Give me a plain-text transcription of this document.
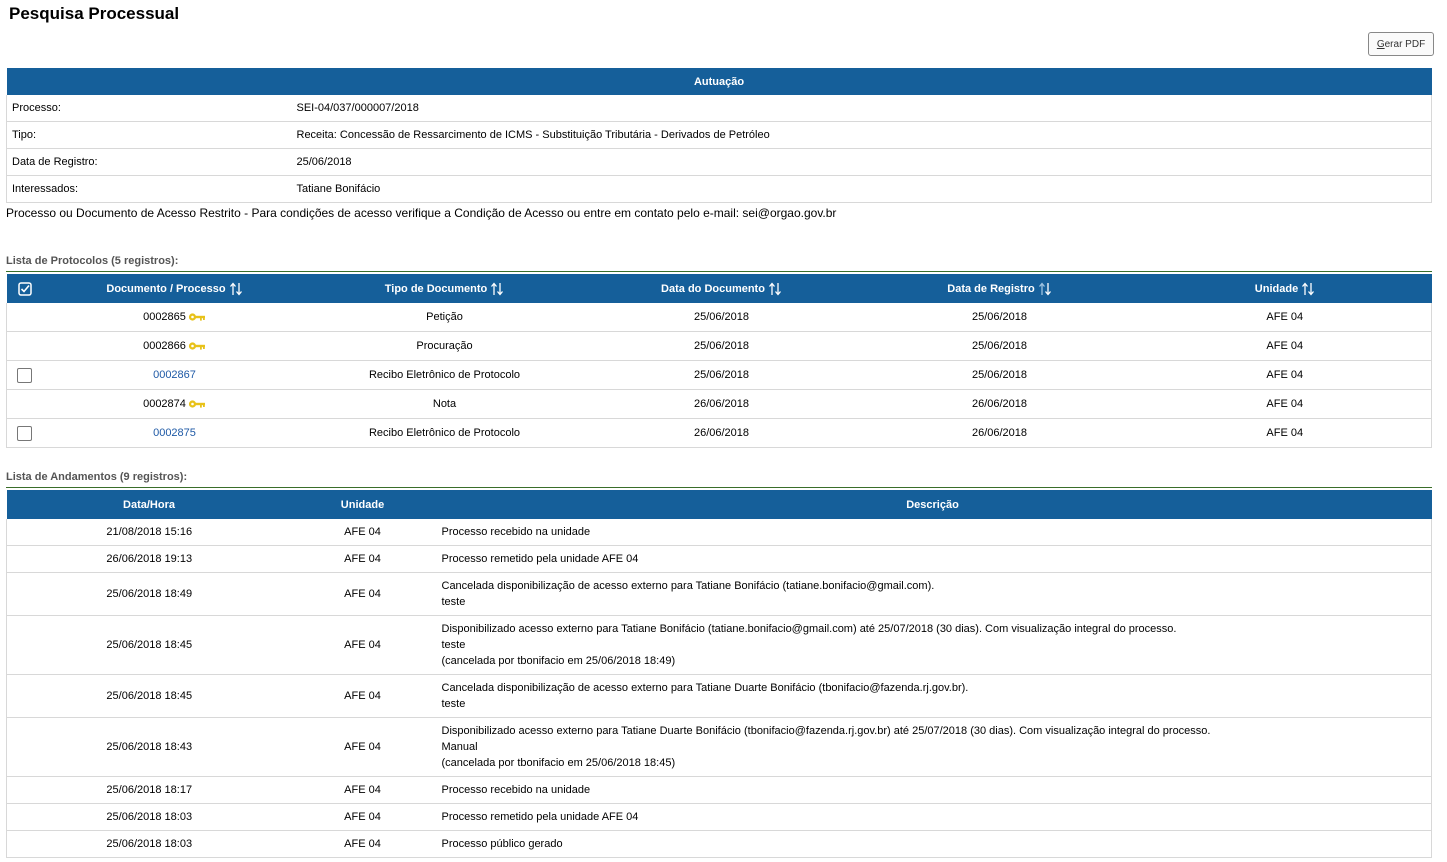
Pesquisa Processual
G erar PDF
Autuação	
Processo:	SEI-04/037/000007/2018
Tipo:	Receita: Concessão de Ressarcimento de ICMS - Substituição Tributária - Derivados de Petróleo
Data de Registro:	25/06/2018
Interessados:	Tatiane Bonifácio
Processo ou Documento de Acesso Restrito - Para condições de acesso verifique a Condição de Acesso ou entre em contato pelo e-mail: sei@orgao.gov.br
Lista de Protocolos (5 registros):
	Documento / Processo	Tipo de Documento	Data do Documento	Data de Registro	Unidade
	0002865	Petição	25/06/2018	25/06/2018	AFE 04
	0002866	Procuração	25/06/2018	25/06/2018	AFE 04
	0002867	Recibo Eletrônico de Protocolo	25/06/2018	25/06/2018	AFE 04
	0002874	Nota	26/06/2018	26/06/2018	AFE 04
	0002875	Recibo Eletrônico de Protocolo	26/06/2018	26/06/2018	AFE 04
Lista de Andamentos (9 registros):
Data/Hora	Unidade	Descrição
21/08/2018 15:16	AFE 04	Processo recebido na unidade

26/06/2018 19:13	AFE 04	Processo remetido pela unidade AFE 04

25/06/2018 18:49	AFE 04	Cancelada disponibilização de acesso externo para Tatiane Bonifácio (tatiane.bonifacio@gmail.com).
teste

25/06/2018 18:45	AFE 04	Disponibilizado acesso externo para Tatiane Bonifácio (tatiane.bonifacio@gmail.com) até 25/07/2018 (30 dias). Com visualização integral do processo.
teste
(cancelada por tbonifacio em 25/06/2018 18:49)

25/06/2018 18:45	AFE 04	Cancelada disponibilização de acesso externo para Tatiane Duarte Bonifácio (tbonifacio@fazenda.rj.gov.br).
teste

25/06/2018 18:43	AFE 04	Disponibilizado acesso externo para Tatiane Duarte Bonifácio (tbonifacio@fazenda.rj.gov.br) até 25/07/2018 (30 dias). Com visualização integral do processo.
Manual
(cancelada por tbonifacio em 25/06/2018 18:45)

25/06/2018 18:17	AFE 04	Processo recebido na unidade

25/06/2018 18:03	AFE 04	Processo remetido pela unidade AFE 04

25/06/2018 18:03	AFE 04	Processo público gerado
